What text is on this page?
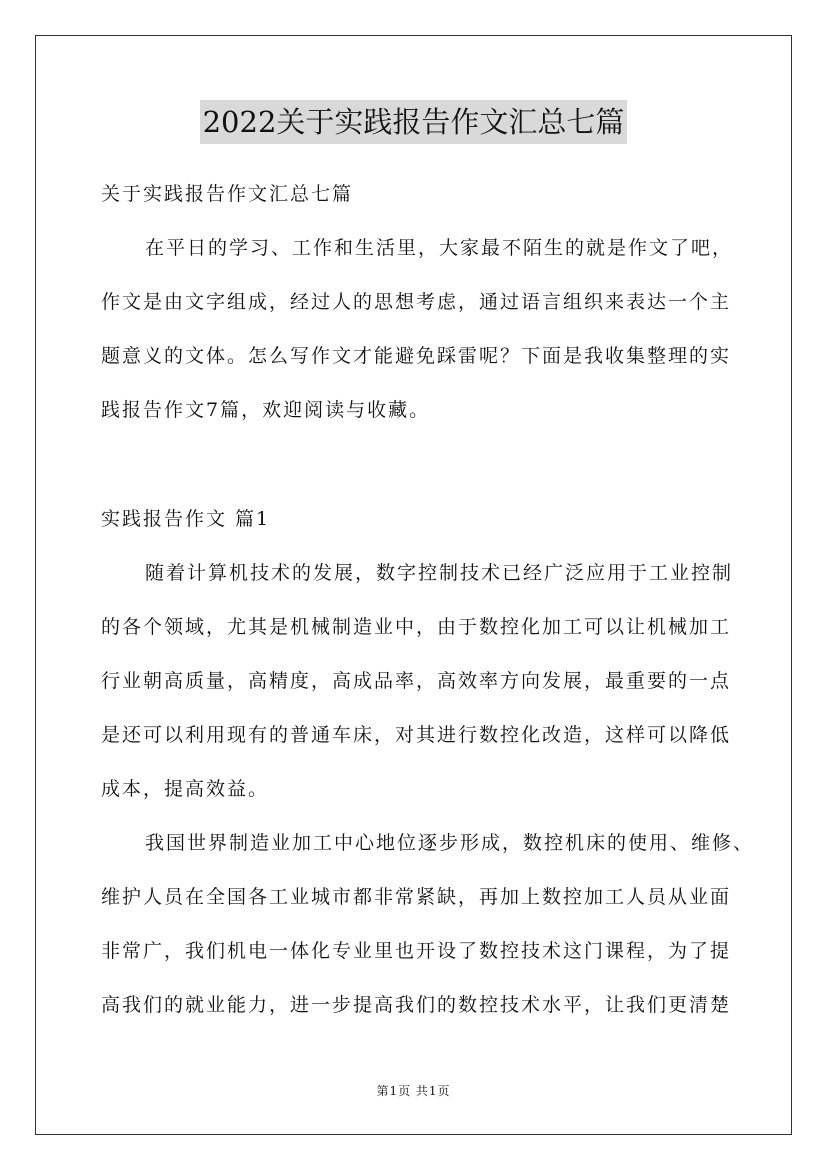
2022关于实践报告作文汇总七篇
关于实践报告作文汇总七篇
在平日的学习、工作和生活里，大家最不陌生的就是作文了吧，
作文是由文字组成，经过人的思想考虑，通过语言组织来表达一个主
题意义的文体。怎么写作文才能避免踩雷呢？下面是我收集整理的实
践报告作文7篇，欢迎阅读与收藏。
实践报告作文 篇1
随着计算机技术的发展，数字控制技术已经广泛应用于工业控制
的各个领域，尤其是机械制造业中，由于数控化加工可以让机械加工
行业朝高质量，高精度，高成品率，高效率方向发展，最重要的一点
是还可以利用现有的普通车床，对其进行数控化改造，这样可以降低
成本，提高效益。
我国世界制造业加工中心地位逐步形成，数控机床的使用、维修、
维护人员在全国各工业城市都非常紧缺，再加上数控加工人员从业面
非常广，我们机电一体化专业里也开设了数控技术这门课程，为了提
高我们的就业能力，进一步提高我们的数控技术水平，让我们更清楚
第1页 共1页
